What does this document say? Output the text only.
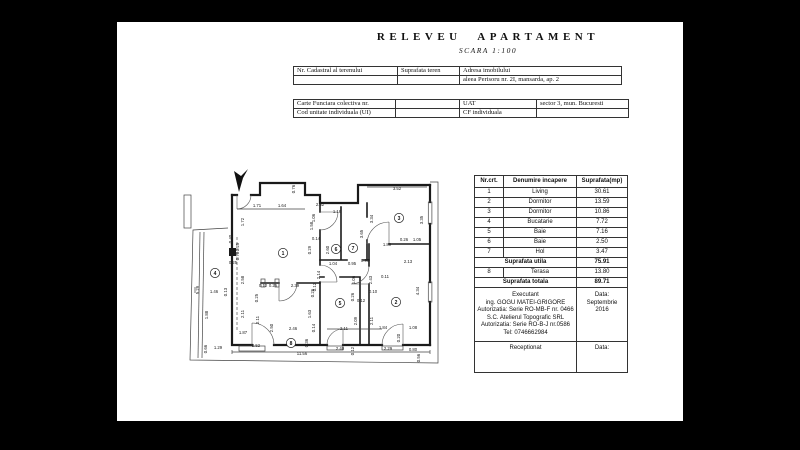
RELEVEU APARTAMENT
SCARA 1:100
Nr. Cadastral al terenului	Suprafata teren	Adresa imobilului
		aleea Perisoru nr. 2I, mansarda, ap. 2
Carte Funciara colectiva nr.		UAT	sector 3, mun. Bucuresti
Cod unitate individuala (UI)		CF individuala	
Nr.crt.	Denumire incapere	Suprafata(mp)
1	Living	30.61
2	Dormitor	13.59
3	Dormitor	10.86
4	Bucatarie	7.72
5	Baie	7.16
6	Baie	2.50
7	Hol	3.47
Suprafata utila		75.91
8	Terasa	13.80
Suprafata totala		89.71

Executant
ing. GOGU MATEI-GRIGORE
Autorizatia: Serie RO-MB-F nr. 0466
S.C. Atelierul Topografic SRL
Autorizatia: Serie RO-B-J nr.0586
Tel: 0746662984

Data:
Septembrie
2016

Receptionat		Data:
1
2
3
4
5
6	7
8
1.71	1.64
0.76
2.32
1.16
1.06
1.72	1.58
0.14
0.29	2.60
3.65
3.52
3.34	3.35
1.89
0.26 1.05
2.13
0.11
0.96
1.04 0.95
2.14
1.06	2.43
0.40
0.25
0.78
0.25
2.58
5.29 1.46 0.13
1.88	2.11
0.12 0.25	2.39	0.12
0.25
0.26
2.11
2.50	2.46	0.14
1.63
0.26 0.12
2.09	2.11
0.10	4.34
2.11	1.84	1.08
0.20
1.87
2.52
0.66 1.29
0.36
11.56
2.40 0.12	2.29	0.80
0.56
